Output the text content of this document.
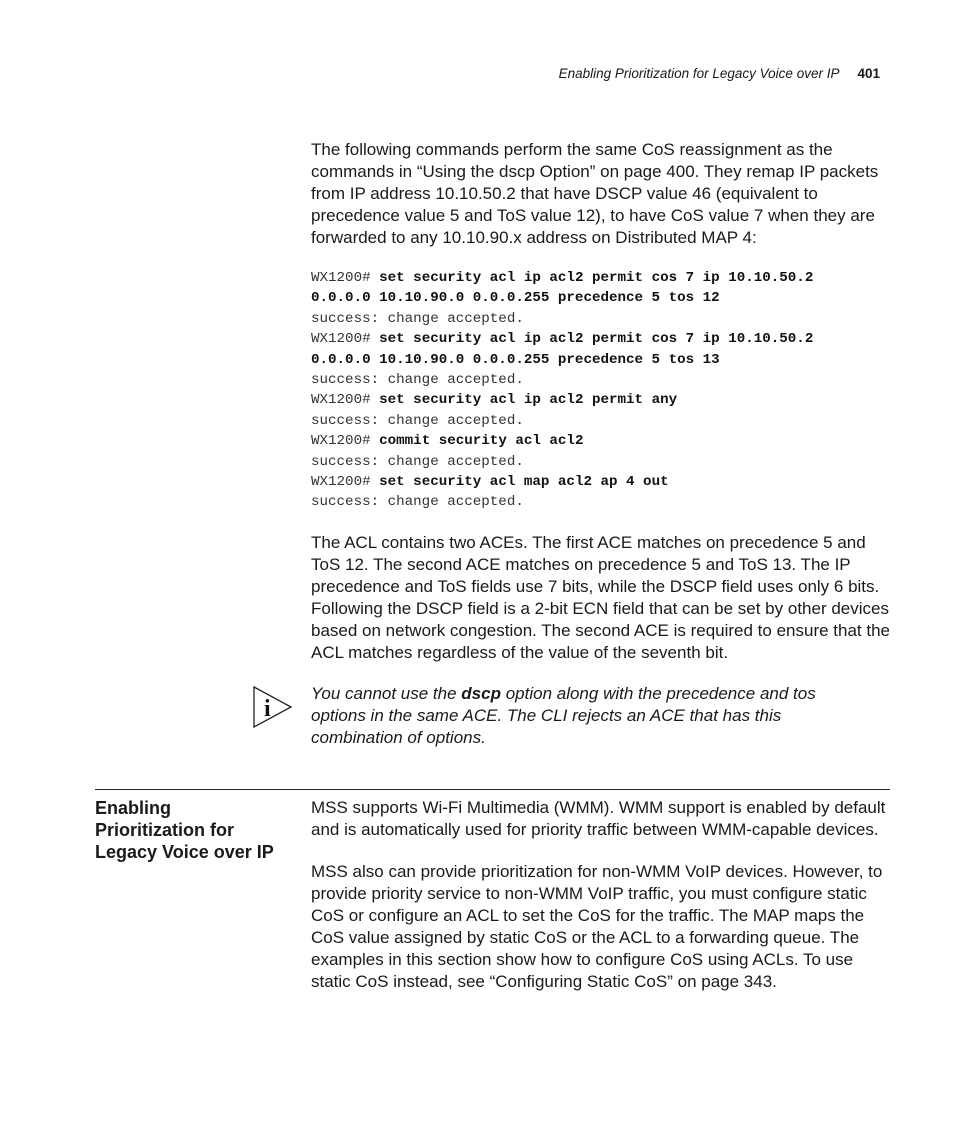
Enabling Prioritization for Legacy Voice over IP 401

The following commands perform the same CoS reassignment as the commands in “Using the dscp Option” on page 400. They remap IP packets from IP address 10.10.50.2 that have DSCP value 46 (equivalent to precedence value 5 and ToS value 12), to have CoS value 7 when they are forwarded to any 10.10.90.x address on Distributed MAP 4:

WX1200# set security acl ip acl2 permit cos 7 ip 10.10.50.2
0.0.0.0 10.10.90.0 0.0.0.255 precedence 5 tos 12
success: change accepted.
WX1200# set security acl ip acl2 permit cos 7 ip 10.10.50.2
0.0.0.0 10.10.90.0 0.0.0.255 precedence 5 tos 13
success: change accepted.
WX1200# set security acl ip acl2 permit any
success: change accepted.
WX1200# commit security acl acl2
success: change accepted.
WX1200# set security acl map acl2 ap 4 out
success: change accepted.

The ACL contains two ACEs. The first ACE matches on precedence 5 and ToS 12. The second ACE matches on precedence 5 and ToS 13. The IP precedence and ToS fields use 7 bits, while the DSCP field uses only 6 bits. Following the DSCP field is a 2-bit ECN field that can be set by other devices based on network congestion. The second ACE is required to ensure that the ACL matches regardless of the value of the seventh bit.

i
You cannot use the dscp option along with the precedence and tos options in the same ACE. The CLI rejects an ACE that has this combination of options.
Enabling Prioritization for Legacy Voice over IP

MSS supports Wi-Fi Multimedia (WMM). WMM support is enabled by default and is automatically used for priority traffic between WMM-capable devices.

MSS also can provide prioritization for non-WMM VoIP devices. However, to provide priority service to non-WMM VoIP traffic, you must configure static CoS or configure an ACL to set the CoS for the traffic. The MAP maps the CoS value assigned by static CoS or the ACL to a forwarding queue. The examples in this section show how to configure CoS using ACLs. To use static CoS instead, see “Configuring Static CoS” on page 343.
